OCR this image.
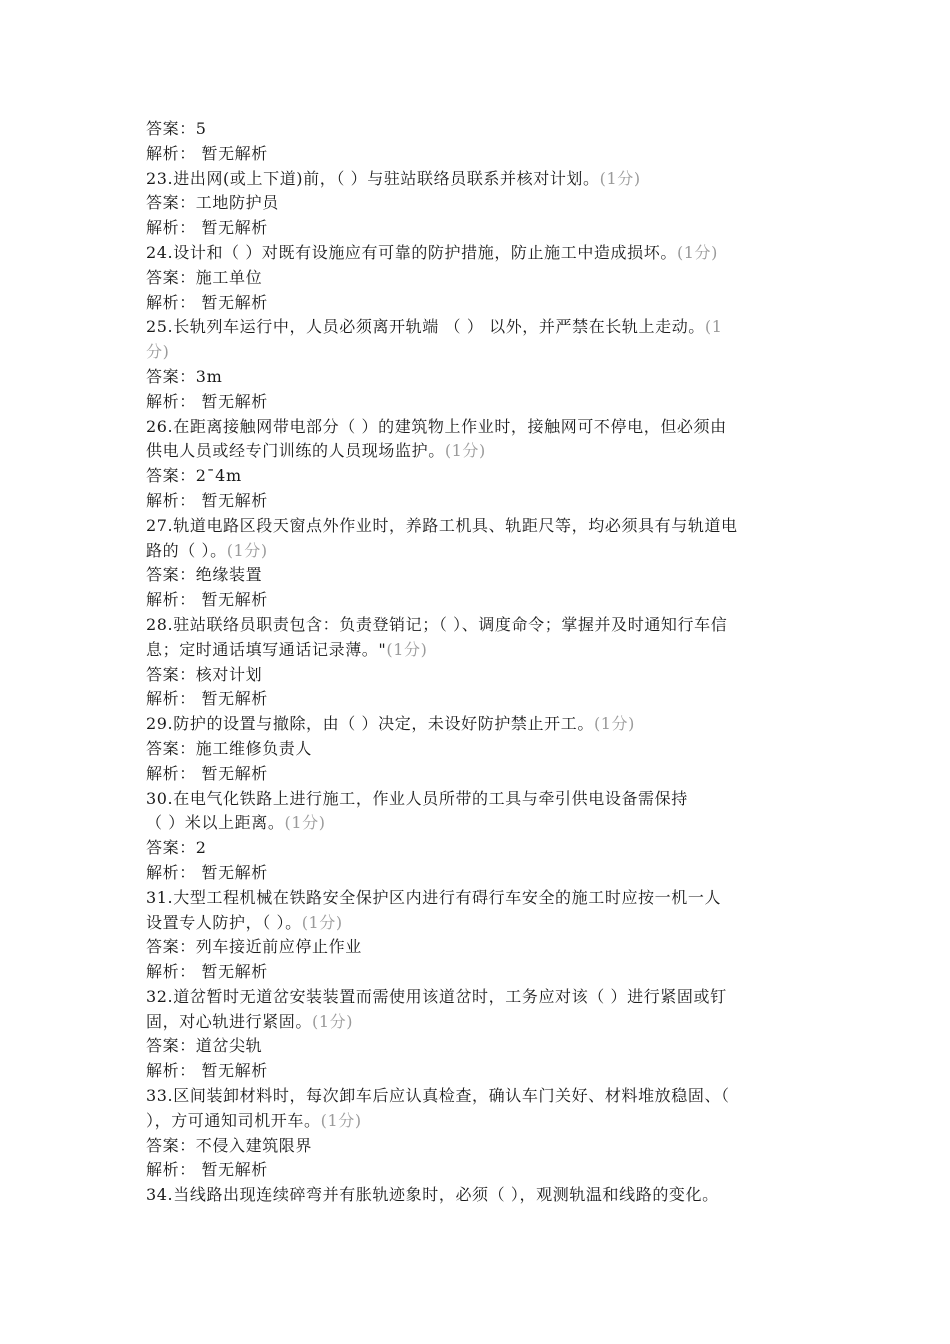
答案：5
解析： 暂无解析
23.进出网(或上下道)前，（ ）与驻站联络员联系并核对计划。(1分)
答案：工地防护员
解析： 暂无解析
24.设计和（ ）对既有设施应有可靠的防护措施，防止施工中造成损坏。(1分)
答案：施工单位
解析： 暂无解析
25.长轨列车运行中，人员必须离开轨端 （ ） 以外，并严禁在长轨上走动。(1
分)
答案：3m
解析： 暂无解析
26.在距离接触网带电部分（ ）的建筑物上作业时，接触网可不停电，但必须由
供电人员或经专门训练的人员现场监护。(1分)
答案：2¯4m
解析： 暂无解析
27.轨道电路区段天窗点外作业时，养路工机具、轨距尺等，均必须具有与轨道电
路的（ ）。(1分)
答案：绝缘装置
解析： 暂无解析
28.驻站联络员职责包含：负责登销记；（ ）、调度命令；掌握并及时通知行车信
息；定时通话填写通话记录薄。"(1分)
答案：核对计划
解析： 暂无解析
29.防护的设置与撤除，由（ ）决定，未设好防护禁止开工。(1分)
答案：施工维修负责人
解析： 暂无解析
30.在电气化铁路上进行施工，作业人员所带的工具与牵引供电设备需保持
（ ）米以上距离。(1分)
答案：2
解析： 暂无解析
31.大型工程机械在铁路安全保护区内进行有碍行车安全的施工时应按一机一人
设置专人防护，（ ）。(1分)
答案：列车接近前应停止作业
解析： 暂无解析
32.道岔暂时无道岔安装装置而需使用该道岔时，工务应对该（ ）进行紧固或钉
固，对心轨进行紧固。(1分)
答案：道岔尖轨
解析： 暂无解析
33.区间装卸材料时，每次卸车后应认真检查，确认车门关好、材料堆放稳固、（
），方可通知司机开车。(1分)
答案：不侵入建筑限界
解析： 暂无解析
34.当线路出现连续碎弯并有胀轨迹象时，必须（ ），观测轨温和线路的变化。
